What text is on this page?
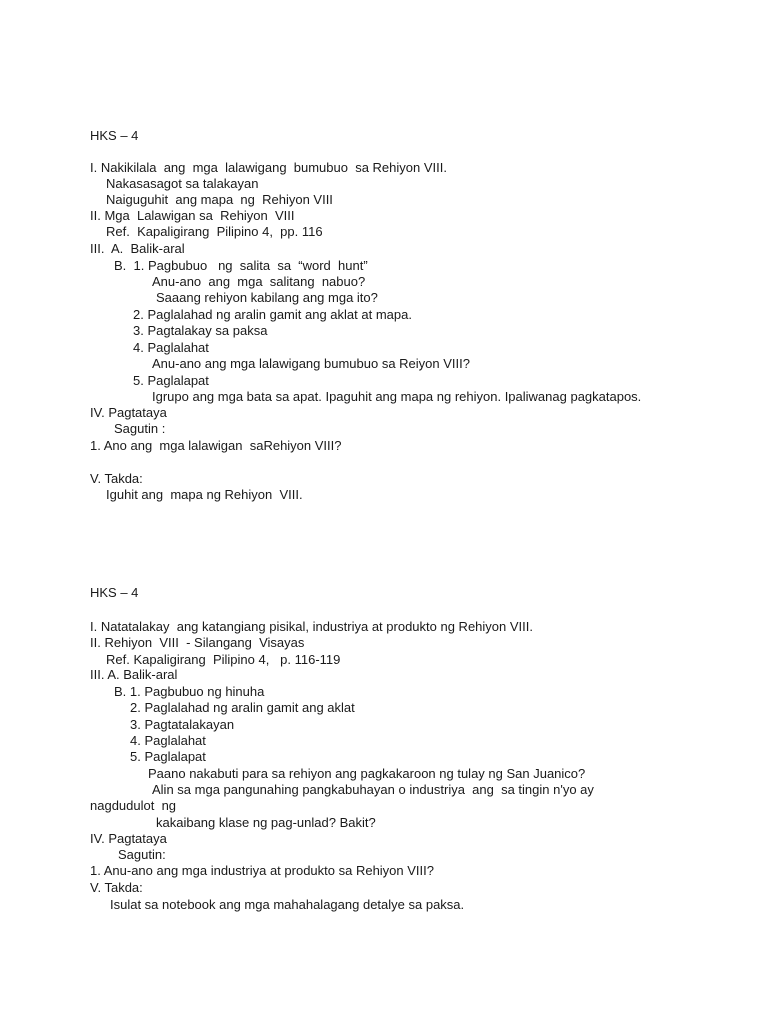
HKS – 4
I. Nakikilala  ang  mga  lalawigang  bumubuo  sa Rehiyon VIII.
Nakasasagot sa talakayan
Naiguguhit  ang mapa  ng  Rehiyon VIII
II. Mga  Lalawigan sa  Rehiyon  VIII
Ref.  Kapaligirang  Pilipino 4,  pp. 116
III.  A.  Balik-aral
B.  1. Pagbubuo   ng  salita  sa  “word  hunt”
Anu-ano  ang  mga  salitang  nabuo?
Saaang rehiyon kabilang ang mga ito?
2. Paglalahad ng aralin gamit ang aklat at mapa.
3. Pagtalakay sa paksa
4. Paglalahat
Anu-ano ang mga lalawigang bumubuo sa Reiyon VIII?
5. Paglalapat
Igrupo ang mga bata sa apat. Ipaguhit ang mapa ng rehiyon. Ipaliwanag pagkatapos.
IV. Pagtataya
Sagutin :
1. Ano ang  mga lalawigan  saRehiyon VIII?
V. Takda:
Iguhit ang  mapa ng Rehiyon  VIII.
HKS – 4
I. Natatalakay  ang katangiang pisikal, industriya at produkto ng Rehiyon VIII.
II. Rehiyon  VIII  - Silangang  Visayas
Ref. Kapaligirang  Pilipino 4,   p. 116-119
III. A. Balik-aral
B. 1. Pagbubuo ng hinuha
2. Paglalahad ng aralin gamit ang aklat
3. Pagtatalakayan
4. Paglalahat
5. Paglalapat
Paano nakabuti para sa rehiyon ang pagkakaroon ng tulay ng San Juanico?
Alin sa mga pangunahing pangkabuhayan o industriya  ang  sa tingin n'yo ay
nagdudulot  ng
kakaibang klase ng pag-unlad? Bakit?
IV. Pagtataya
Sagutin:
1. Anu-ano ang mga industriya at produkto sa Rehiyon VIII?
V. Takda:
Isulat sa notebook ang mga mahahalagang detalye sa paksa.
